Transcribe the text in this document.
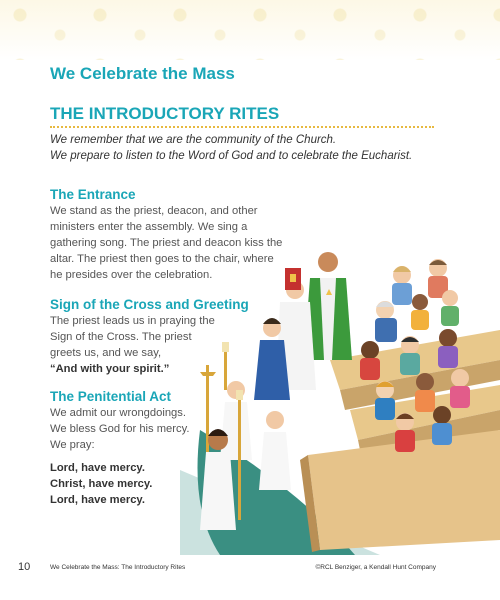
We Celebrate the Mass
THE INTRODUCTORY RITES
We remember that we are the community of the Church.
We prepare to listen to the Word of God and to celebrate the Eucharist.
The Entrance
We stand as the priest, deacon, and other
ministers enter the assembly. We sing a
gathering song. The priest and deacon kiss the
altar. The priest then goes to the chair, where
he presides over the celebration.
Sign of the Cross and Greeting
The priest leads us in praying the
Sign of the Cross. The priest
greets us, and we say,
“And with your spirit.”
The Penitential Act
We admit our wrongdoings.
We bless God for his mercy.
We pray:
Lord, have mercy.
Christ, have mercy.
Lord, have mercy.
10	We Celebrate the Mass: The Introductory Rites	©RCL Benziger, a Kendall Hunt Company
